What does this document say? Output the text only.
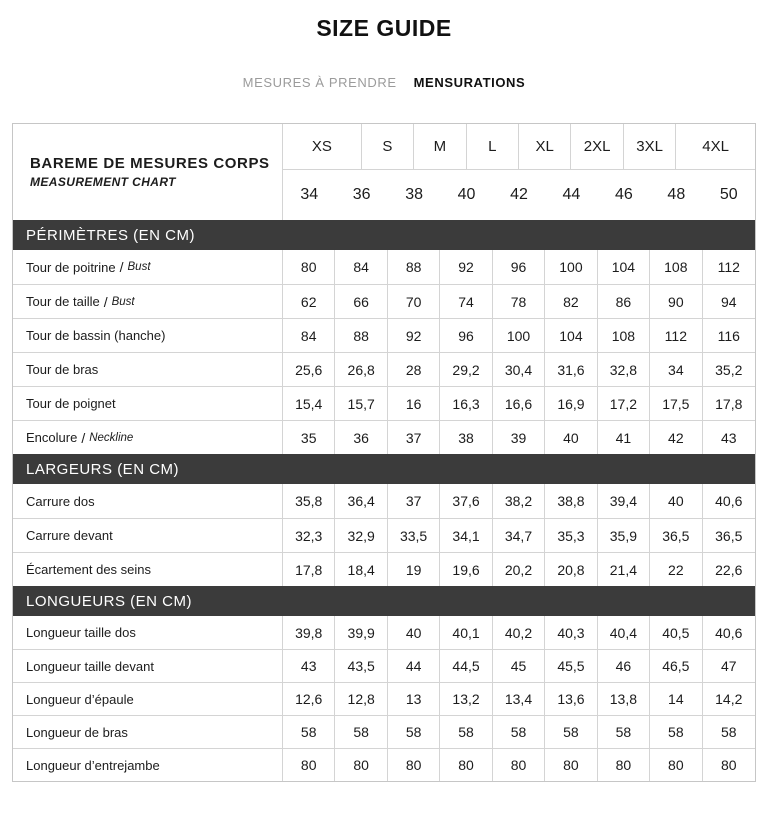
SIZE GUIDE
MESURES À PRENDRE MENSURATIONS
BAREME DE MESURES CORPS
MEASUREMENT CHART
XS	S	M	L	XL	2XL	3XL	4XL
34	36	38	40	42	44	46	48	50
PÉRIMÈTRES (EN CM)
Tour de poitrine / Bust	80	84	88	92	96	100	104	108	112
Tour de taille / Bust	62	66	70	74	78	82	86	90	94
Tour de bassin (hanche)	84	88	92	96	100	104	108	112	116
Tour de bras	25,6	26,8	28	29,2	30,4	31,6	32,8	34	35,2
Tour de poignet	15,4	15,7	16	16,3	16,6	16,9	17,2	17,5	17,8
Encolure / Neckline	35	36	37	38	39	40	41	42	43
LARGEURS (EN CM)
Carrure dos	35,8	36,4	37	37,6	38,2	38,8	39,4	40	40,6
Carrure devant	32,3	32,9	33,5	34,1	34,7	35,3	35,9	36,5	36,5
Écartement des seins	17,8	18,4	19	19,6	20,2	20,8	21,4	22	22,6
LONGUEURS (EN CM)
Longueur taille dos	39,8	39,9	40	40,1	40,2	40,3	40,4	40,5	40,6
Longueur taille devant	43	43,5	44	44,5	45	45,5	46	46,5	47
Longueur d’épaule	12,6	12,8	13	13,2	13,4	13,6	13,8	14	14,2
Longueur de bras	58	58	58	58	58	58	58	58	58
Longueur d’entrejambe	80	80	80	80	80	80	80	80	80
